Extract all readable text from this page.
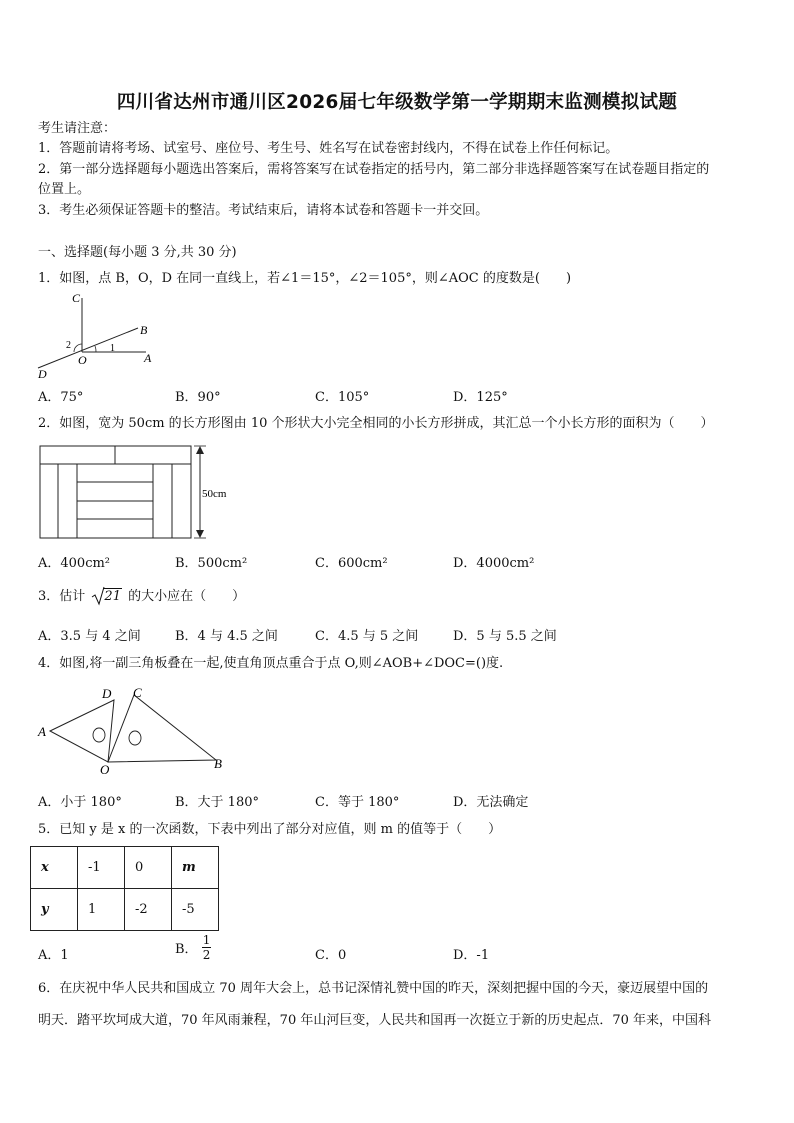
四川省达州市通川区2026届七年级数学第一学期期末监测模拟试题
考生请注意：
1．答题前请将考场、试室号、座位号、考生号、姓名写在试卷密封线内，不得在试卷上作任何标记。
2．第一部分选择题每小题选出答案后，需将答案写在试卷指定的括号内，第二部分非选择题答案写在试卷题目指定的
位置上。
3．考生必须保证答题卡的整洁。考试结束后，请将本试卷和答题卡一并交回。
一、选择题(每小题 3 分,共 30 分)
1．如图，点 B，O，D 在同一直线上，若∠1＝15°，∠2＝105°，则∠AOC 的度数是(　　)
C
B
O	A
D
1
2
A．75°	B．90°	C．105°	D．125°
2．如图，宽为 50cm 的长方形图由 10 个形状大小完全相同的小长方形拼成，其汇总一个小长方形的面积为（　　）
50cm
A．400cm²	B．500cm²	C．600cm²	D．4000cm²
3．估计 21 的大小应在（　　）
A．3.5 与 4 之间	B．4 与 4.5 之间	C．4.5 与 5 之间	D．5 与 5.5 之间
4．如图,将一副三角板叠在一起,使直角顶点重合于点 O,则∠AOB+∠DOC=()度.
D C
A
O	B
A．小于 180°	B．大于 180°	C．等于 180°	D．无法确定
5．已知 y 是 x 的一次函数，下表中列出了部分对应值，则 m 的值等于（　　）
x	-1	0	m
y	1	-2	-5
A．1	B． $\frac{1}{2}$	C．0	D．-1
6．在庆祝中华人民共和国成立 70 周年大会上，总书记深情礼赞中国的昨天，深刻把握中国的今天，豪迈展望中国的
明天．踏平坎坷成大道，70 年风雨兼程，70 年山河巨变，人民共和国再一次挺立于新的历史起点．70 年来，中国科
